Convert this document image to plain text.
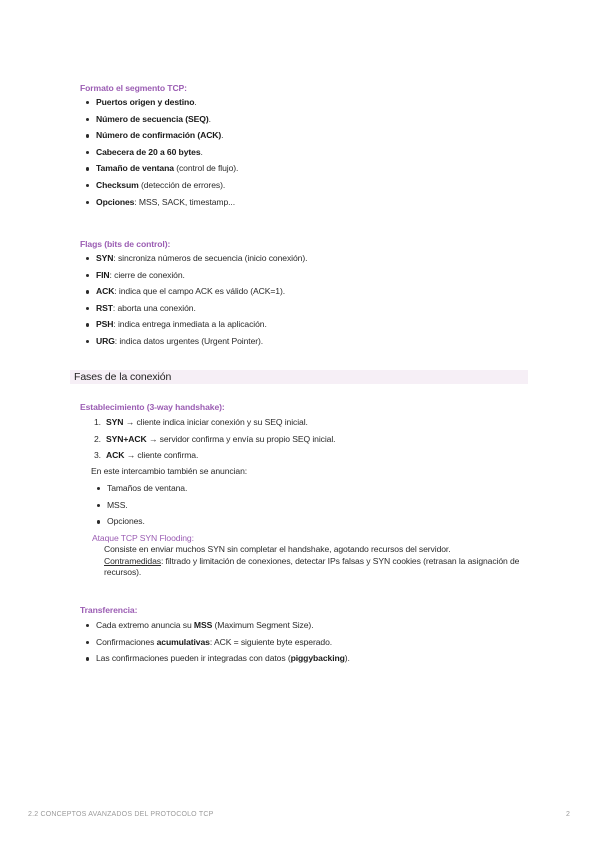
Formato el segmento TCP:
Puertos origen y destino.
Número de secuencia (SEQ).
Número de confirmación (ACK).
Cabecera de 20 a 60 bytes.
Tamaño de ventana (control de flujo).
Checksum (detección de errores).
Opciones: MSS, SACK, timestamp...
Flags (bits de control):
SYN: sincroniza números de secuencia (inicio conexión).
FIN: cierre de conexión.
ACK: indica que el campo ACK es válido (ACK=1).
RST: aborta una conexión.
PSH: indica entrega inmediata a la aplicación.
URG: indica datos urgentes (Urgent Pointer).
Fases de la conexión
Establecimiento (3-way handshake):
1. SYN → cliente indica iniciar conexión y su SEQ inicial.
2. SYN+ACK → servidor confirma y envía su propio SEQ inicial.
3. ACK → cliente confirma.
En este intercambio también se anuncian:
Tamaños de ventana.
MSS.
Opciones.
Ataque TCP SYN Flooding:
Consiste en enviar muchos SYN sin completar el handshake, agotando recursos del servidor.
Contramedidas: filtrado y limitación de conexiones, detectar IPs falsas y SYN cookies (retrasan la asignación de recursos).
Transferencia:
Cada extremo anuncia su MSS (Maximum Segment Size).
Confirmaciones acumulativas: ACK = siguiente byte esperado.
Las confirmaciones pueden ir integradas con datos (piggybacking).
2.2 CONCEPTOS AVANZADOS DEL PROTOCOLO TCP	2
